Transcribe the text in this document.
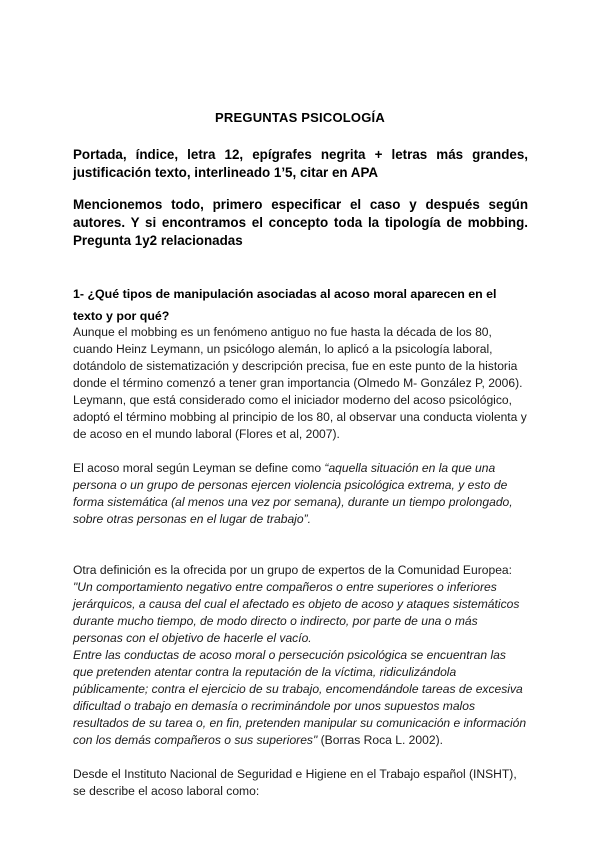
PREGUNTAS PSICOLOGÍA
Portada, índice, letra 12, epígrafes negrita + letras más grandes, justificación texto, interlineado 1’5, citar en APA
Mencionemos todo, primero especificar el caso y después según autores. Y si encontramos el concepto toda la tipología de mobbing. Pregunta 1y2 relacionadas
1- ¿Qué tipos de manipulación asociadas al acoso moral aparecen en el texto y por qué?

Aunque el mobbing es un fenómeno antiguo no fue hasta la década de los 80, cuando Heinz Leymann, un psicólogo alemán, lo aplicó a la psicología laboral, dotándolo de sistematización y descripción precisa, fue en este punto de la historia donde el término comenzó a tener gran importancia (Olmedo M- González P, 2006). Leymann, que está considerado como el iniciador moderno del acoso psicológico, adoptó el término mobbing al principio de los 80, al observar una conducta violenta y de acoso en el mundo laboral (Flores et al, 2007).

El acoso moral según Leyman se define como “aquella situación en la que una persona o un grupo de personas ejercen violencia psicológica extrema, y esto de forma sistemática (al menos una vez por semana), durante un tiempo prolongado, sobre otras personas en el lugar de trabajo”.

Otra definición es la ofrecida por un grupo de expertos de la Comunidad Europea:

"Un comportamiento negativo entre compañeros o entre superiores o inferiores jerárquicos, a causa del cual el afectado es objeto de acoso y ataques sistemáticos durante mucho tiempo, de modo directo o indirecto, por parte de una o más personas con el objetivo de hacerle el vacío.

Entre las conductas de acoso moral o persecución psicológica se encuentran las que pretenden atentar contra la reputación de la víctima, ridiculizándola públicamente; contra el ejercicio de su trabajo, encomendándole tareas de excesiva dificultad o trabajo en demasía o recriminándole por unos supuestos malos resultados de su tarea o, en fin, pretenden manipular su comunicación e información con los demás compañeros o sus superiores" (Borras Roca L. 2002).

Desde el Instituto Nacional de Seguridad e Higiene en el Trabajo español (INSHT), se describe el acoso laboral como:
